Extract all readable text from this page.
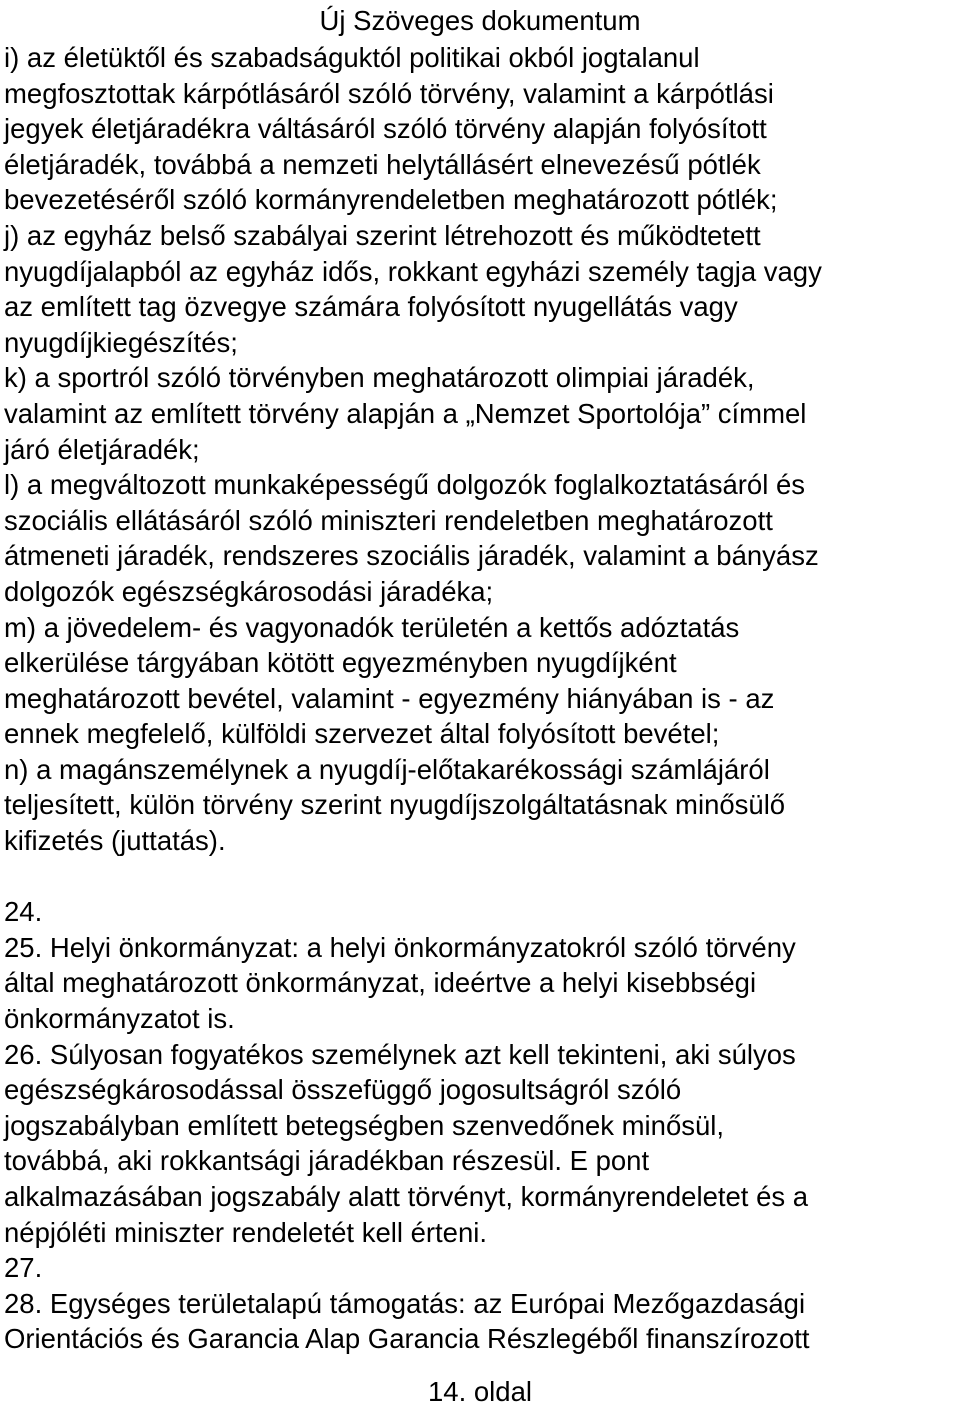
Új Szöveges dokumentum
i) az életüktől és szabadságuktól politikai okból jogtalanul
megfosztottak kárpótlásáról szóló törvény, valamint a kárpótlási
jegyek életjáradékra váltásáról szóló törvény alapján folyósított
életjáradék, továbbá a nemzeti helytállásért elnevezésű pótlék
bevezetéséről szóló kormányrendeletben meghatározott pótlék;
j) az egyház belső szabályai szerint létrehozott és működtetett
nyugdíjalapból az egyház idős, rokkant egyházi személy tagja vagy
az említett tag özvegye számára folyósított nyugellátás vagy
nyugdíjkiegészítés;
k) a sportról szóló törvényben meghatározott olimpiai járadék,
valamint az említett törvény alapján a „Nemzet Sportolója” címmel
járó életjáradék;
l) a megváltozott munkaképességű dolgozók foglalkoztatásáról és
szociális ellátásáról szóló miniszteri rendeletben meghatározott
átmeneti járadék, rendszeres szociális járadék, valamint a bányász
dolgozók egészségkárosodási járadéka;
m) a jövedelem- és vagyonadók területén a kettős adóztatás
elkerülése tárgyában kötött egyezményben nyugdíjként
meghatározott bevétel, valamint - egyezmény hiányában is - az
ennek megfelelő, külföldi szervezet által folyósított bevétel;
n) a magánszemélynek a nyugdíj-előtakarékossági számlájáról
teljesített, külön törvény szerint nyugdíjszolgáltatásnak minősülő
kifizetés (juttatás).
24.
25. Helyi önkormányzat: a helyi önkormányzatokról szóló törvény
által meghatározott önkormányzat, ideértve a helyi kisebbségi
önkormányzatot is.
26. Súlyosan fogyatékos személynek azt kell tekinteni, aki súlyos
egészségkárosodással összefüggő jogosultságról szóló
jogszabályban említett betegségben szenvedőnek minősül,
továbbá, aki rokkantsági járadékban részesül. E pont
alkalmazásában jogszabály alatt törvényt, kormányrendeletet és a
népjóléti miniszter rendeletét kell érteni.
27.
28. Egységes területalapú támogatás: az Európai Mezőgazdasági
Orientációs és Garancia Alap Garancia Részlegéből finanszírozott
14. oldal
